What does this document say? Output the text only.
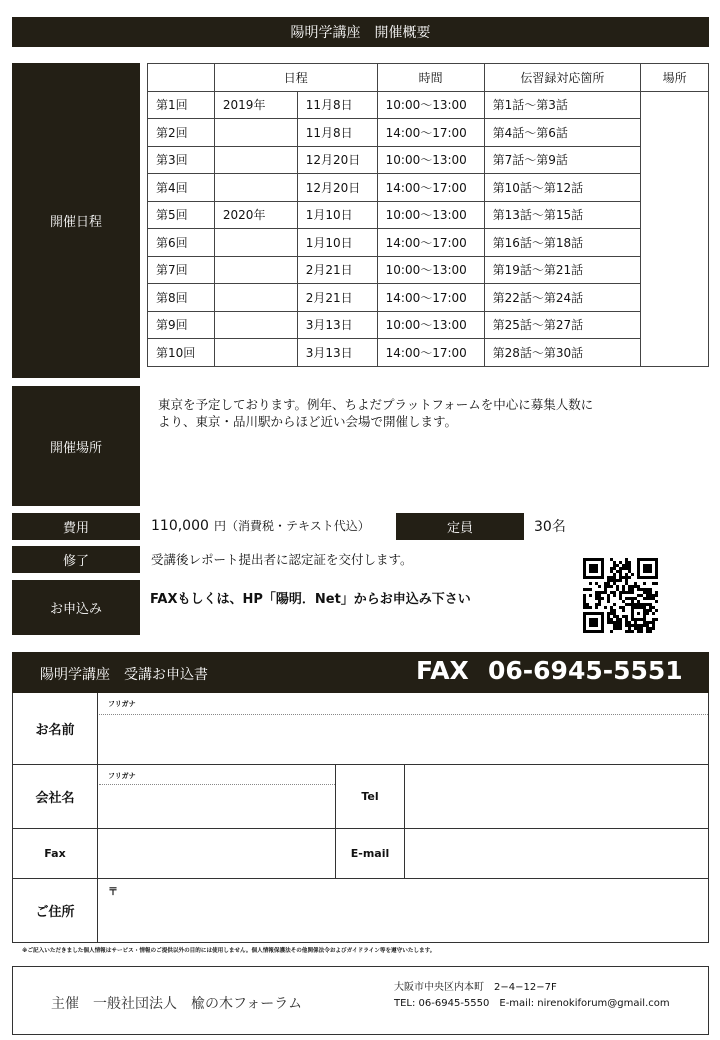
陽明学講座　開催概要
開催日程
	日程		時間	伝習録対応箇所	場所
第1回	2019年	11月8日	10:00〜13:00	第1話〜第3話	
第2回		11月8日	14:00〜17:00	第4話〜第6話	
第3回		12月20日	10:00〜13:00	第7話〜第9話	
第4回		12月20日	14:00〜17:00	第10話〜第12話	
第5回	2020年	1月10日	10:00〜13:00	第13話〜第15話	
第6回		1月10日	14:00〜17:00	第16話〜第18話	
第7回		2月21日	10:00〜13:00	第19話〜第21話	
第8回		2月21日	14:00〜17:00	第22話〜第24話	
第9回		3月13日	10:00〜13:00	第25話〜第27話	
第10回		3月13日	14:00〜17:00	第28話〜第30話	
開催場所
東京を予定しております。例年、ちよだプラットフォームを中心に募集人数に
より、東京・品川駅からほど近い会場で開催します。
費用	110,000 円（消費税・テキスト代込）	定員	30名
修了	受講後レポート提出者に認定証を交付します。
お申込み
FAXもしくは、HP「陽明．Net」からお申込み下さい
陽明学講座　受講お申込書	FAX 06-6945-5551
お名前
フリガナ
会社名
フリガナ
Tel
Fax	E-mail
ご住所
〒
※ご記入いただきました個人情報はサービス・情報のご提供以外の目的には使用しません。個人情報保護法その他関係法令およびガイドライン等を遵守いたします。
主催　一般社団法人　楡の木フォーラム
大阪市中央区内本町　2−4−12−7F
TEL: 06-6945-5550　E-mail: nirenokiforum@gmail.com
